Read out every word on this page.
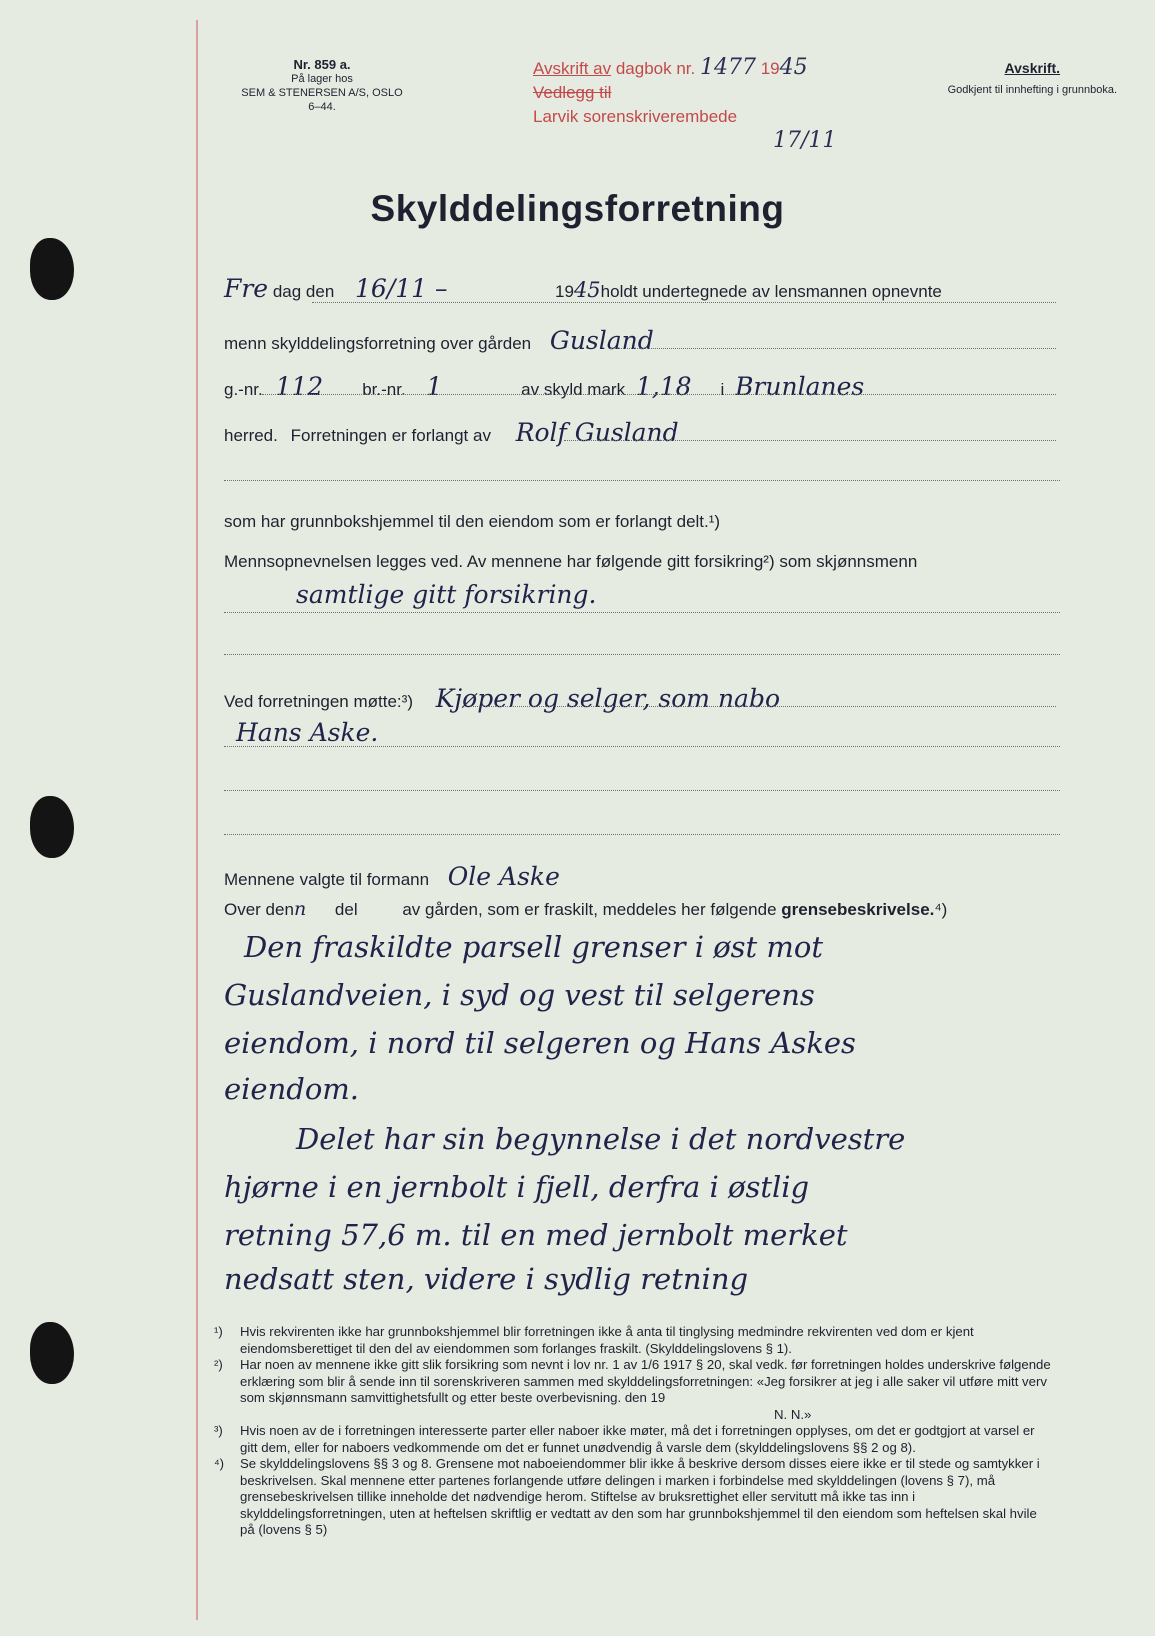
Nr. 859 a.
På lager hos
SEM & STENERSEN A/S, OSLO
6–44.
Avskrift av dagbok nr. 1477 1945
Vedlegg til
Larvik sorenskriverembede
17/11
Avskrift.
Godkjent til innhefting i grunnboka.
Skylddelingsforretning
Fre dag den 16/11 –	1945holdt undertegnede av lensmannen opnevnte
menn skylddelingsforretning over gården Gusland
g.-nr. 112 br.-nr. 1	av skyld mark 1,18 i Brunlanes
herred. Forretningen er forlangt av Rolf Gusland
som har grunnbokshjemmel til den eiendom som er forlangt delt.¹)
Mennsopnevnelsen legges ved. Av mennene har følgende gitt forsikring²) som skjønnsmenn
samtlige gitt forsikring.
Ved forretningen møtte:³) Kjøper og selger, som nabo
Hans Aske.
Mennene valgte til formann Ole Aske
Over denn del	av gården, som er fraskilt, meddeles her følgende grensebeskrivelse.⁴)
Den fraskildte parsell grenser i øst mot
Guslandveien, i syd og vest til selgerens
eiendom, i nord til selgeren og Hans Askes
eiendom.
Delet har sin begynnelse i det nordvestre
hjørne i en jernbolt i fjell, derfra i østlig
retning 57,6 m. til en med jernbolt merket
nedsatt sten, videre i sydlig retning
¹) Hvis rekvirenten ikke har grunnbokshjemmel blir forretningen ikke å anta til tinglysing medmindre rekvirenten ved dom er kjent eiendomsberettiget til den del av eiendommen som forlanges fraskilt. (Skylddelingslovens § 1).
²) Har noen av mennene ikke gitt slik forsikring som nevnt i lov nr. 1 av 1/6 1917 § 20, skal vedk. før forretningen holdes underskrive følgende erklæring som blir å sende inn til sorenskriveren sammen med skylddelingsforretningen: «Jeg forsikrer at jeg i alle saker vil utføre mitt verv som skjønnsmann samvittighetsfullt og etter beste overbevisning. den 19
N. N.»
³) Hvis noen av de i forretningen interesserte parter eller naboer ikke møter, må det i forretningen opplyses, om det er godtgjort at varsel er gitt dem, eller for naboers vedkommende om det er funnet unødvendig å varsle dem (skylddelingslovens §§ 2 og 8).
⁴) Se skylddelingslovens §§ 3 og 8. Grensene mot naboeiendommer blir ikke å beskrive dersom disses eiere ikke er til stede og samtykker i beskrivelsen. Skal mennene etter partenes forlangende utføre delingen i marken i forbindelse med skylddelingen (lovens § 7), må grensebeskrivelsen tillike inneholde det nødvendige herom. Stiftelse av bruksrettighet eller servitutt må ikke tas inn i skylddelingsforretningen, uten at heftelsen skriftlig er vedtatt av den som har grunnbokshjemmel til den eiendom som heftelsen skal hvile på (lovens § 5)
